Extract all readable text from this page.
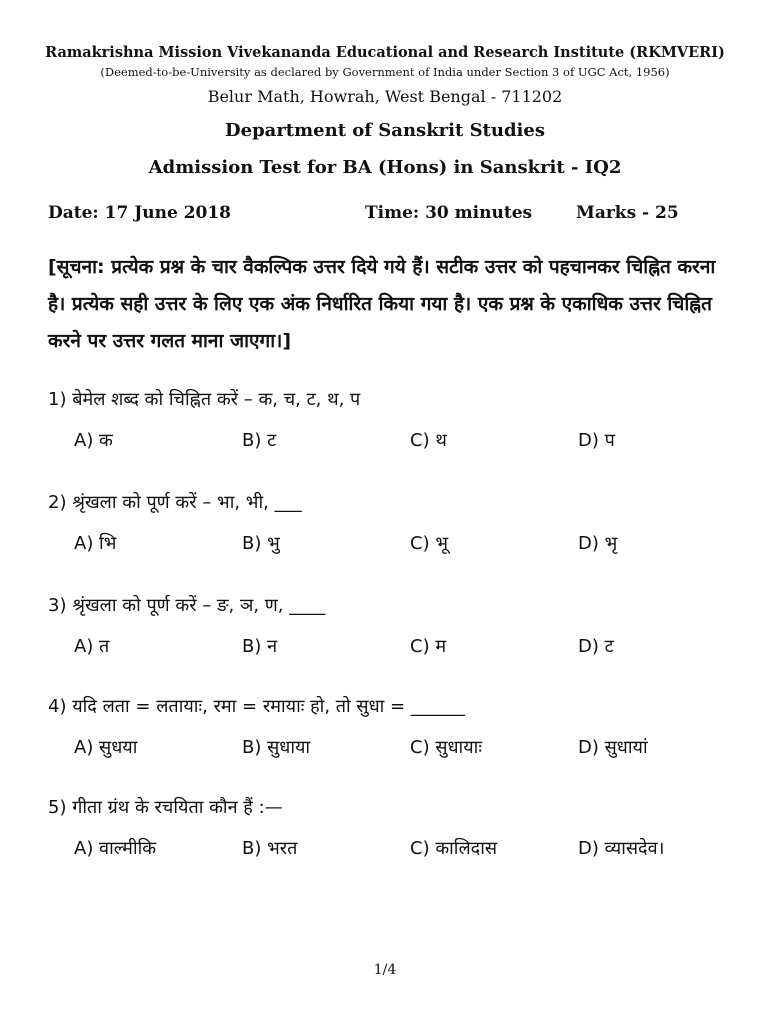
Ramakrishna Mission Vivekananda Educational and Research Institute (RKMVERI)
(Deemed-to-be-University as declared by Government of India under Section 3 of UGC Act, 1956)
Belur Math, Howrah, West Bengal - 711202
Department of Sanskrit Studies
Admission Test for BA (Hons) in Sanskrit - IQ2
Date: 17 June 2018	Time: 30 minutes	Marks - 25
[सूचना: प्रत्येक प्रश्न के चार वैकल्पिक उत्तर दिये गये हैं। सटीक उत्तर को पहचानकर चिह्नित करना है। प्रत्येक सही उत्तर के लिए एक अंक निर्धारित किया गया है। एक प्रश्न के एकाधिक उत्तर चिह्नित करने पर उत्तर गलत माना जाएगा।]
1) बेमेल शब्द को चिह्नित करें – क, च, ट, थ, प
A) क	B) ट	C) थ	D) प
2) श्रृंखला को पूर्ण करें – भा, भी, ___
A) भि	B) भु	C) भू	D) भृ
3) श्रृंखला को पूर्ण करें – ङ, ञ, ण, ____
A) त	B) न	C) म	D) ट
4) यदि लता = लतायाः, रमा = रमायाः हो, तो सुधा = ______
A) सुधया	B) सुधाया	C) सुधायाः	D) सुधायां
5) गीता ग्रंथ के रचयिता कौन हैं :—
A) वाल्मीकि	B) भरत	C) कालिदास	D) व्यासदेव।
1/4
